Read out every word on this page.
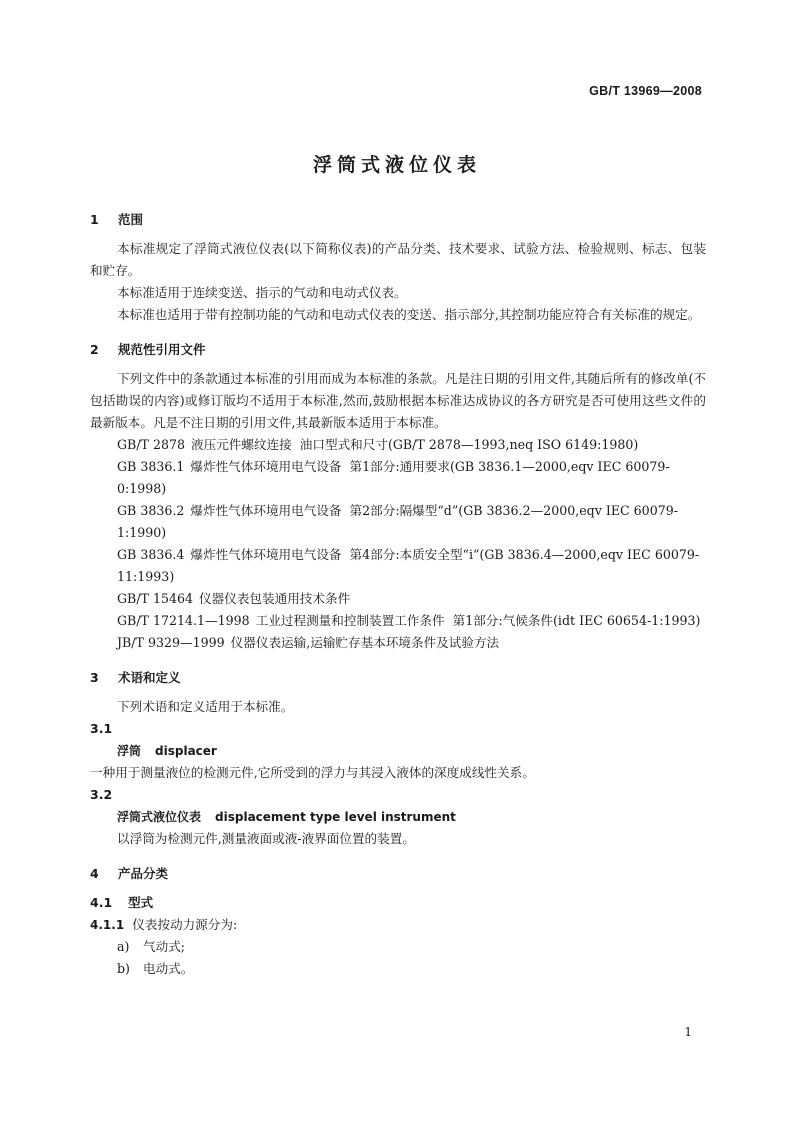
GB/T 13969—2008
浮筒式液位仪表

1 范围

本标准规定了浮筒式液位仪表(以下简称仪表)的产品分类、技术要求、试验方法、检验规则、标志、包装和贮存。

本标准适用于连续变送、指示的气动和电动式仪表。

本标准也适用于带有控制功能的气动和电动式仪表的变送、指示部分,其控制功能应符合有关标准的规定。

2 规范性引用文件

下列文件中的条款通过本标准的引用而成为本标准的条款。凡是注日期的引用文件,其随后所有的修改单(不包括勘误的内容)或修订版均不适用于本标准,然而,鼓励根据本标准达成协议的各方研究是否可使用这些文件的最新版本。凡是不注日期的引用文件,其最新版本适用于本标准。

GB/T 2878 液压元件螺纹连接 油口型式和尺寸(GB/T 2878—1993,neq ISO 6149:1980)

GB 3836.1 爆炸性气体环境用电气设备 第1部分:通用要求(GB 3836.1—2000,eqv IEC 60079-0:1998)

GB 3836.2 爆炸性气体环境用电气设备 第2部分:隔爆型“d”(GB 3836.2—2000,eqv IEC 60079-1:1990)

GB 3836.4 爆炸性气体环境用电气设备 第4部分:本质安全型“i”(GB 3836.4—2000,eqv IEC 60079-11:1993)

GB/T 15464 仪器仪表包装通用技术条件

GB/T 17214.1—1998 工业过程测量和控制装置工作条件 第1部分:气候条件(idt IEC 60654-1:1993)

JB/T 9329—1999 仪器仪表运输,运输贮存基本环境条件及试验方法

3 术语和定义

下列术语和定义适用于本标准。

3.1

浮筒 displacer

一种用于测量液位的检测元件,它所受到的浮力与其浸入液体的深度成线性关系。

3.2

浮筒式液位仪表 displacement type level instrument

以浮筒为检测元件,测量液面或液-液界面位置的装置。

4 产品分类

4.1 型式

4.1.1 仪表按动力源分为:

a) 气动式;

b) 电动式。

1
